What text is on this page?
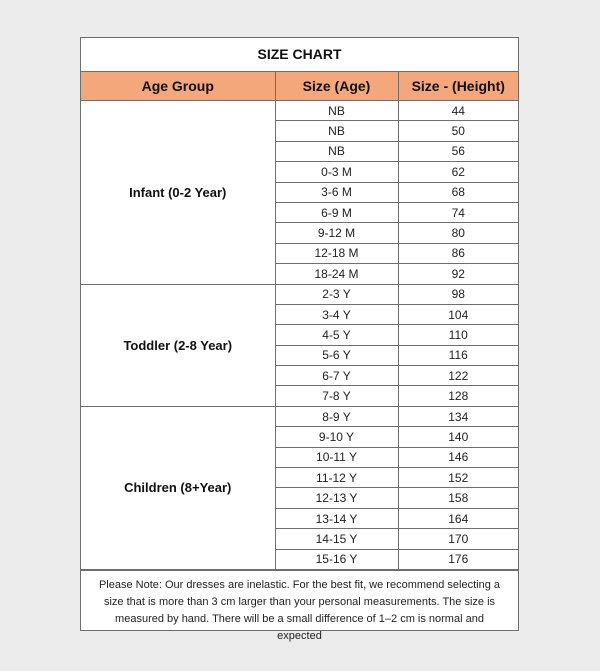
SIZE CHART
Age Group	Size (Age)	Size - (Height)
Infant (0-2 Year)	NB	44
	NB	50
	NB	56
	0-3 M	62
	3-6 M	68
	6-9 M	74
	9-12 M	80
	12-18 M	86
	18-24 M	92
Toddler (2-8 Year)	2-3 Y	98
	3-4 Y	104
	4-5 Y	110
	5-6 Y	116
	6-7 Y	122
	7-8 Y	128
Children (8+Year)	8-9 Y	134
	9-10 Y	140
	10-11 Y	146
	11-12 Y	152
	12-13 Y	158
	13-14 Y	164
	14-15 Y	170
	15-16 Y	176
Please Note: Our dresses are inelastic. For the best fit, we recommend selecting a size that is more than 3 cm larger than your personal measurements. The size is measured by hand. There will be a small difference of 1–2 cm is normal and expected
